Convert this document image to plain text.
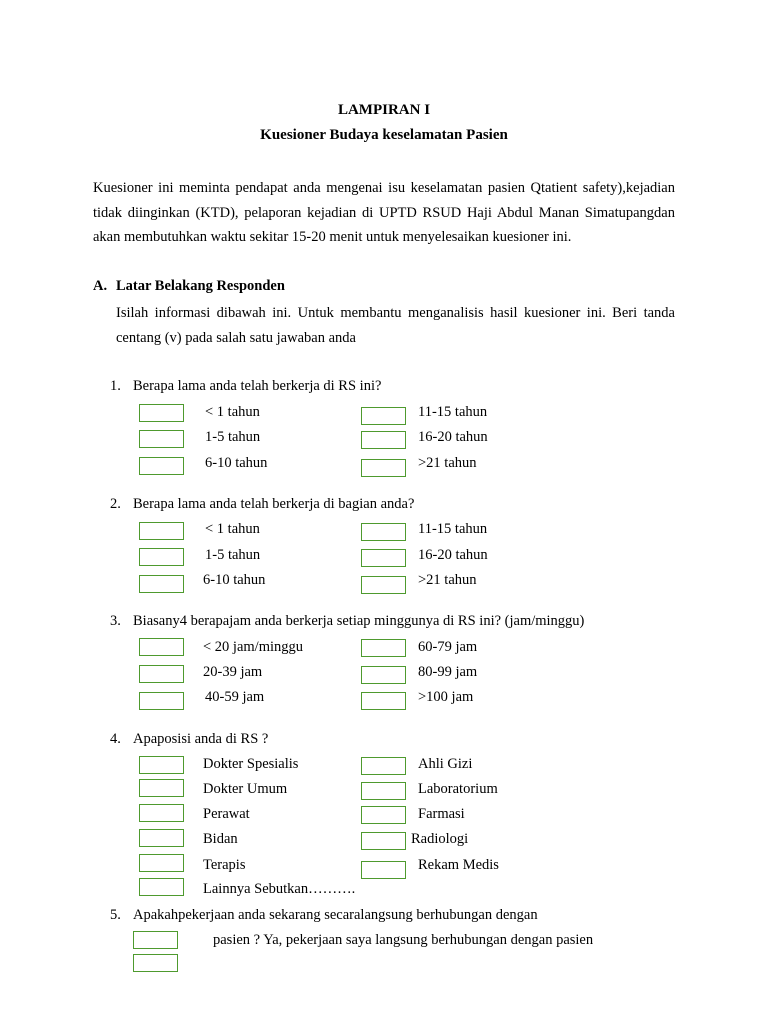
LAMPIRAN I
Kuesioner Budaya keselamatan Pasien
Kuesioner ini meminta pendapat anda mengenai isu keselamatan pasien Qtatient safety),kejadian tidak diinginkan (KTD), pelaporan kejadian di UPTD RSUD Haji Abdul Manan Simatupangdan akan membutuhkan waktu sekitar 15-20 menit untuk menyelesaikan kuesioner ini.
A. Latar Belakang Responden
Isilah informasi dibawah ini. Untuk membantu menganalisis hasil kuesioner ini. Beri tanda centang (v) pada salah satu jawaban anda
1. Berapa lama anda telah berkerja di RS ini?
< 1 tahun
1-5 tahun
6-10 tahun
11-15 tahun
16-20 tahun
>21 tahun
2. Berapa lama anda telah berkerja di bagian anda?
< 1 tahun
1-5 tahun
6-10 tahun
11-15 tahun
16-20 tahun
>21 tahun
3. Biasany4 berapajam anda berkerja setiap minggunya di RS ini? (jam/minggu)
< 20 jam/minggu
20-39 jam
40-59 jam
60-79 jam
80-99 jam
>100 jam
4. Apaposisi anda di RS ?
Dokter Spesialis
Dokter Umum
Perawat
Bidan
Terapis
Lainnya Sebutkan……….
Ahli Gizi
Laboratorium
Farmasi
Radiologi
Rekam Medis
5. Apakahpekerjaan anda sekarang secaralangsung berhubungan dengan
pasien ? Ya, pekerjaan saya langsung berhubungan dengan pasien
